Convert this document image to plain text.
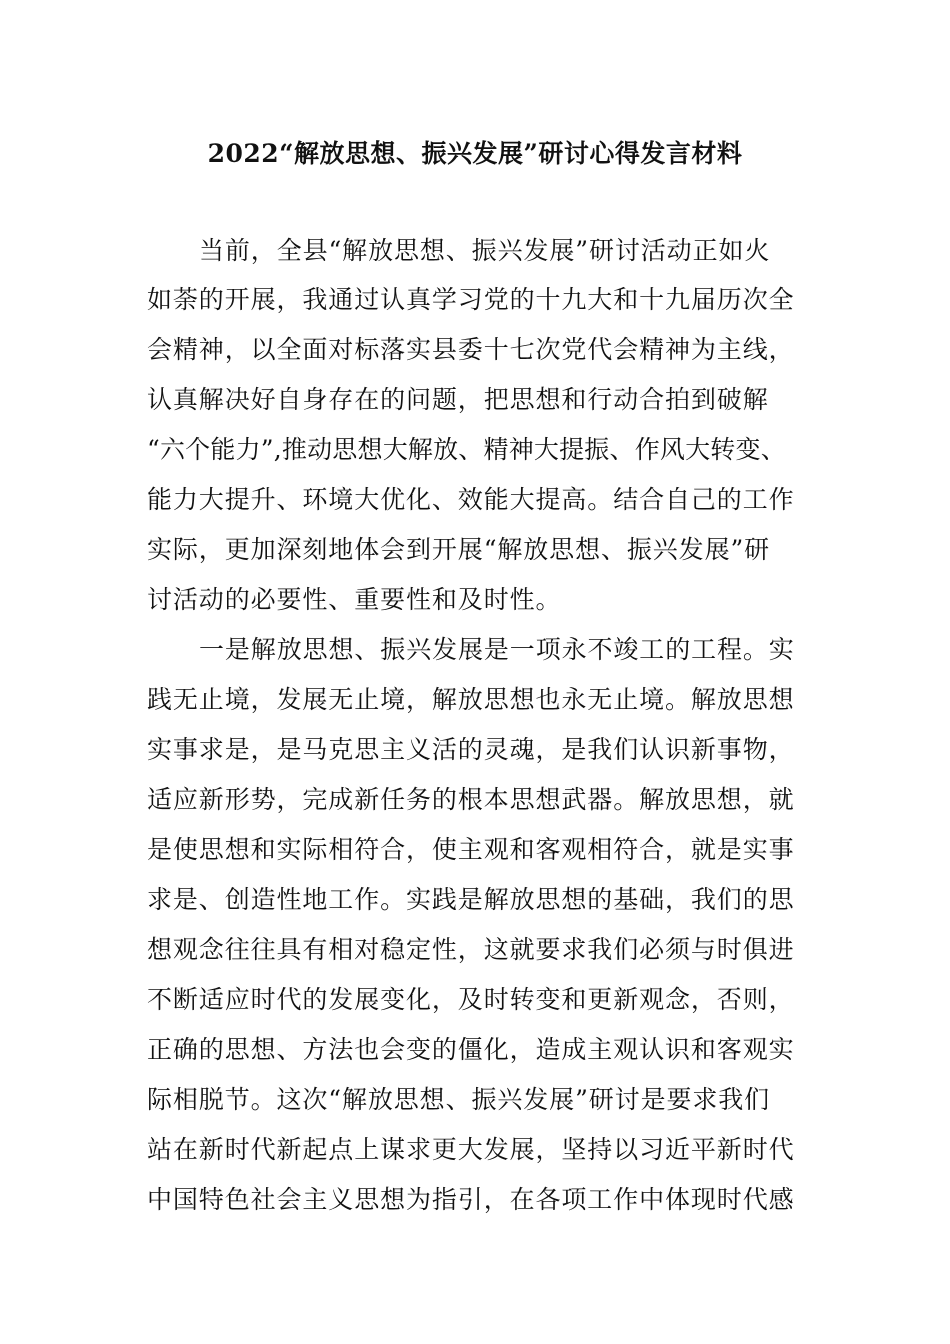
2022“解放思想、振兴发展”研讨心得发言材料
当前，全县“解放思想、振兴发展”研讨活动正如火
如荼的开展，我通过认真学习党的十九大和十九届历次全
会精神，以全面对标落实县委十七次党代会精神为主线，
认真解决好自身存在的问题，把思想和行动合拍到破解
“六个能力”,推动思想大解放、精神大提振、作风大转变、
能力大提升、环境大优化、效能大提高。结合自己的工作
实际，更加深刻地体会到开展“解放思想、振兴发展”研
讨活动的必要性、重要性和及时性。
一是解放思想、振兴发展是一项永不竣工的工程。实
践无止境，发展无止境，解放思想也永无止境。解放思想
实事求是，是马克思主义活的灵魂，是我们认识新事物，
适应新形势，完成新任务的根本思想武器。解放思想，就
是使思想和实际相符合，使主观和客观相符合，就是实事
求是、创造性地工作。实践是解放思想的基础，我们的思
想观念往往具有相对稳定性，这就要求我们必须与时俱进
不断适应时代的发展变化，及时转变和更新观念，否则，
正确的思想、方法也会变的僵化，造成主观认识和客观实
际相脱节。这次“解放思想、振兴发展”研讨是要求我们
站在新时代新起点上谋求更大发展，坚持以习近平新时代
中国特色社会主义思想为指引，在各项工作中体现时代感
